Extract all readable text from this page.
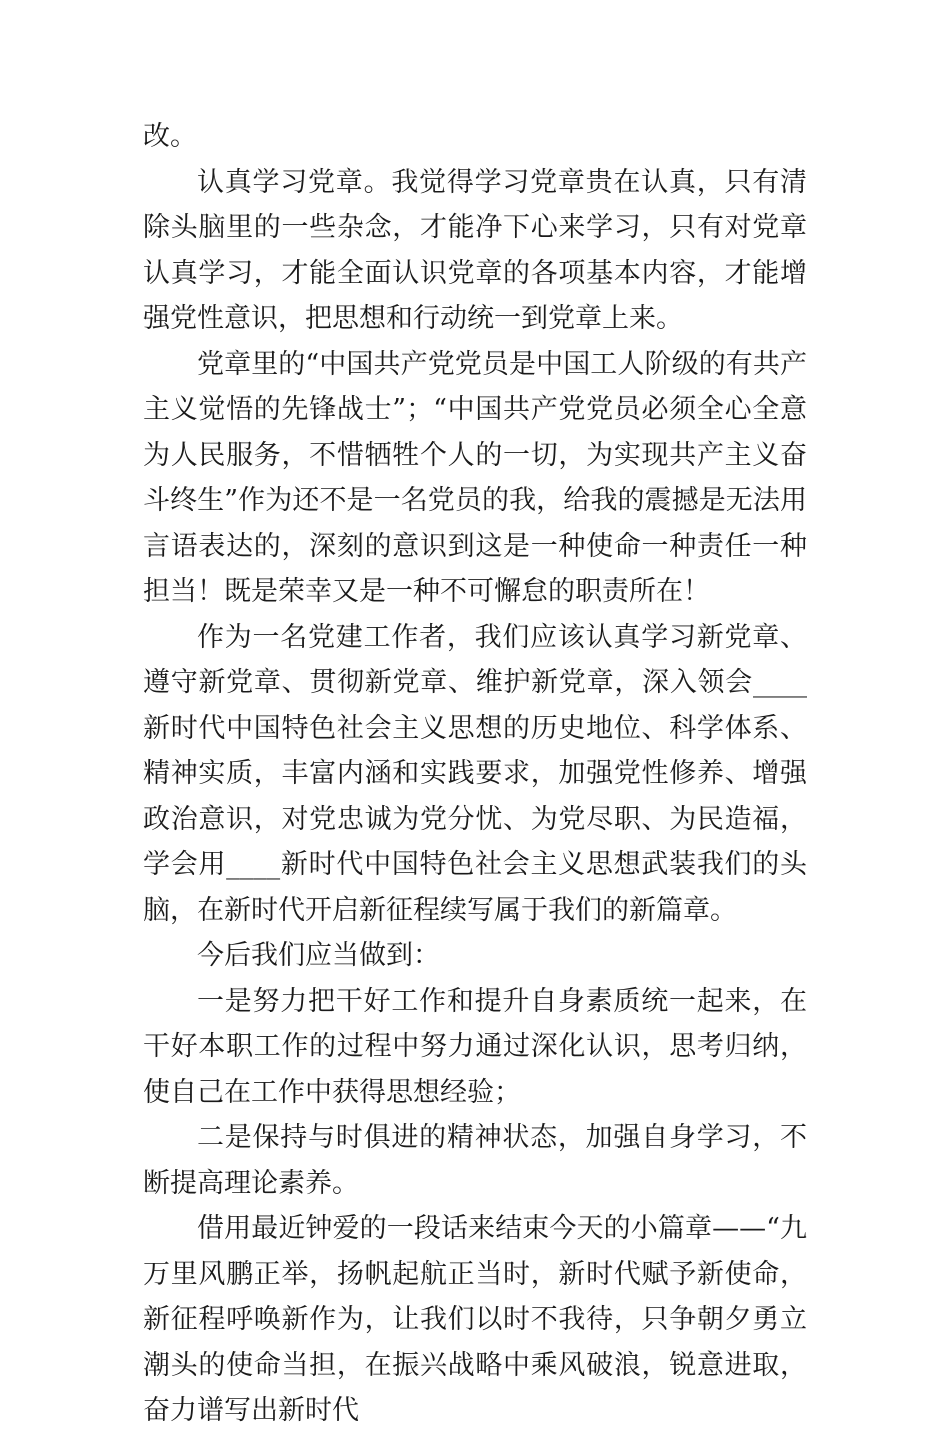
改。

认真学习党章。我觉得学习党章贵在认真，只有清除头脑里的一些杂念，才能净下心来学习，只有对党章认真学习，才能全面认识党章的各项基本内容，才能增强党性意识，把思想和行动统一到党章上来。

党章里的“中国共产党党员是中国工人阶级的有共产主义觉悟的先锋战士”；“中国共产党党员必须全心全意为人民服务，不惜牺牲个人的一切，为实现共产主义奋斗终生”作为还不是一名党员的我，给我的震撼是无法用言语表达的，深刻的意识到这是一种使命一种责任一种担当！既是荣幸又是一种不可懈怠的职责所在！

作为一名党建工作者，我们应该认真学习新党章、遵守新党章、贯彻新党章、维护新党章，深入领会____新时代中国特色社会主义思想的历史地位、科学体系、精神实质，丰富内涵和实践要求，加强党性修养、增强政治意识，对党忠诚为党分忧、为党尽职、为民造福，学会用____新时代中国特色社会主义思想武装我们的头脑，在新时代开启新征程续写属于我们的新篇章。

今后我们应当做到：

一是努力把干好工作和提升自身素质统一起来，在干好本职工作的过程中努力通过深化认识，思考归纳，使自己在工作中获得思想经验；

二是保持与时俱进的精神状态，加强自身学习，不断提高理论素养。

借用最近钟爱的一段话来结束今天的小篇章——“九万里风鹏正举，扬帆起航正当时，新时代赋予新使命，新征程呼唤新作为，让我们以时不我待，只争朝夕勇立潮头的使命当担，在振兴战略中乘风破浪，锐意进取，奋力谱写出新时代
